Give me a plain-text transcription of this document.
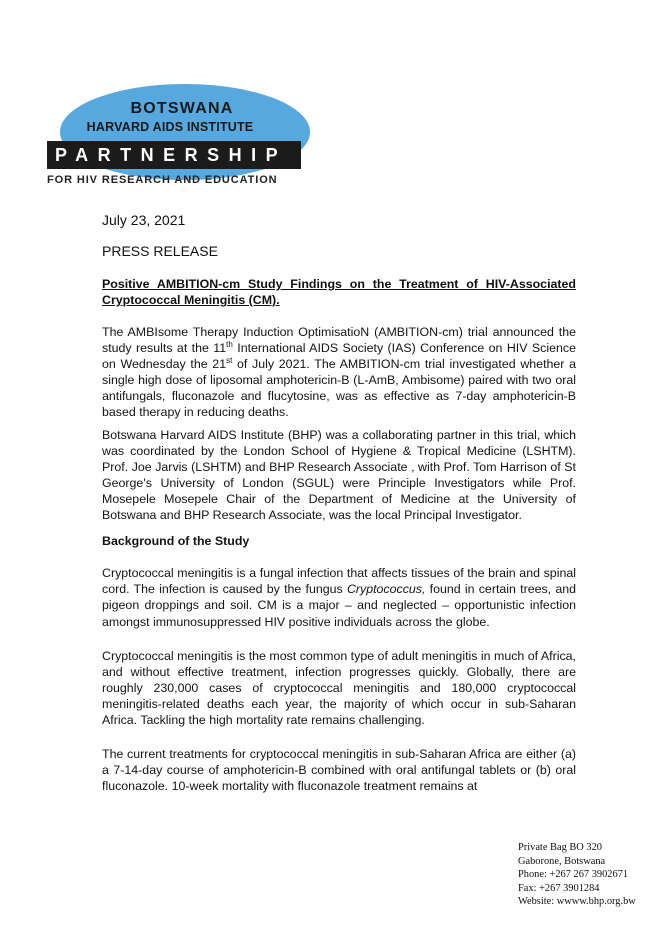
BOTSWANA
HARVARD AIDS INSTITUTE
PARTNERSHIP
FOR HIV RESEARCH AND EDUCATION
July 23, 2021
PRESS RELEASE
Positive AMBITION-cm Study Findings on the Treatment of HIV-Associated Cryptococcal Meningitis (CM).

The AMBIsome Therapy Induction OptimisatioN (AMBITION-cm) trial announced the study results at the 11th International AIDS Society (IAS) Conference on HIV Science on Wednesday the 21st of July 2021. The AMBITION-cm trial investigated whether a single high dose of liposomal amphotericin-B (L-AmB, Ambisome) paired with two oral antifungals, fluconazole and flucytosine, was as effective as 7-day amphotericin-B based therapy in reducing deaths.

Botswana Harvard AIDS Institute (BHP) was a collaborating partner in this trial, which was coordinated by the London School of Hygiene & Tropical Medicine (LSHTM). Prof. Joe Jarvis (LSHTM) and BHP Research Associate , with Prof. Tom Harrison of St George's University of London (SGUL) were Principle Investigators while Prof. Mosepele Mosepele Chair of the Department of Medicine at the University of Botswana and BHP Research Associate, was the local Principal Investigator.

Background of the Study

Cryptococcal meningitis is a fungal infection that affects tissues of the brain and spinal cord. The infection is caused by the fungus Cryptococcus, found in certain trees, and pigeon droppings and soil. CM is a major – and neglected – opportunistic infection amongst immunosuppressed HIV positive individuals across the globe.

Cryptococcal meningitis is the most common type of adult meningitis in much of Africa, and without effective treatment, infection progresses quickly. Globally, there are roughly 230,000 cases of cryptococcal meningitis and 180,000 cryptococcal meningitis-related deaths each year, the majority of which occur in sub-Saharan Africa. Tackling the high mortality rate remains challenging.

The current treatments for cryptococcal meningitis in sub-Saharan Africa are either (a) a 7-14-day course of amphotericin-B combined with oral antifungal tablets or (b) oral fluconazole. 10-week mortality with fluconazole treatment remains at

Private Bag BO 320
Gaborone, Botswana
Phone: +267 267 3902671
Fax: +267 3901284
Website: wwww.bhp.org.bw
